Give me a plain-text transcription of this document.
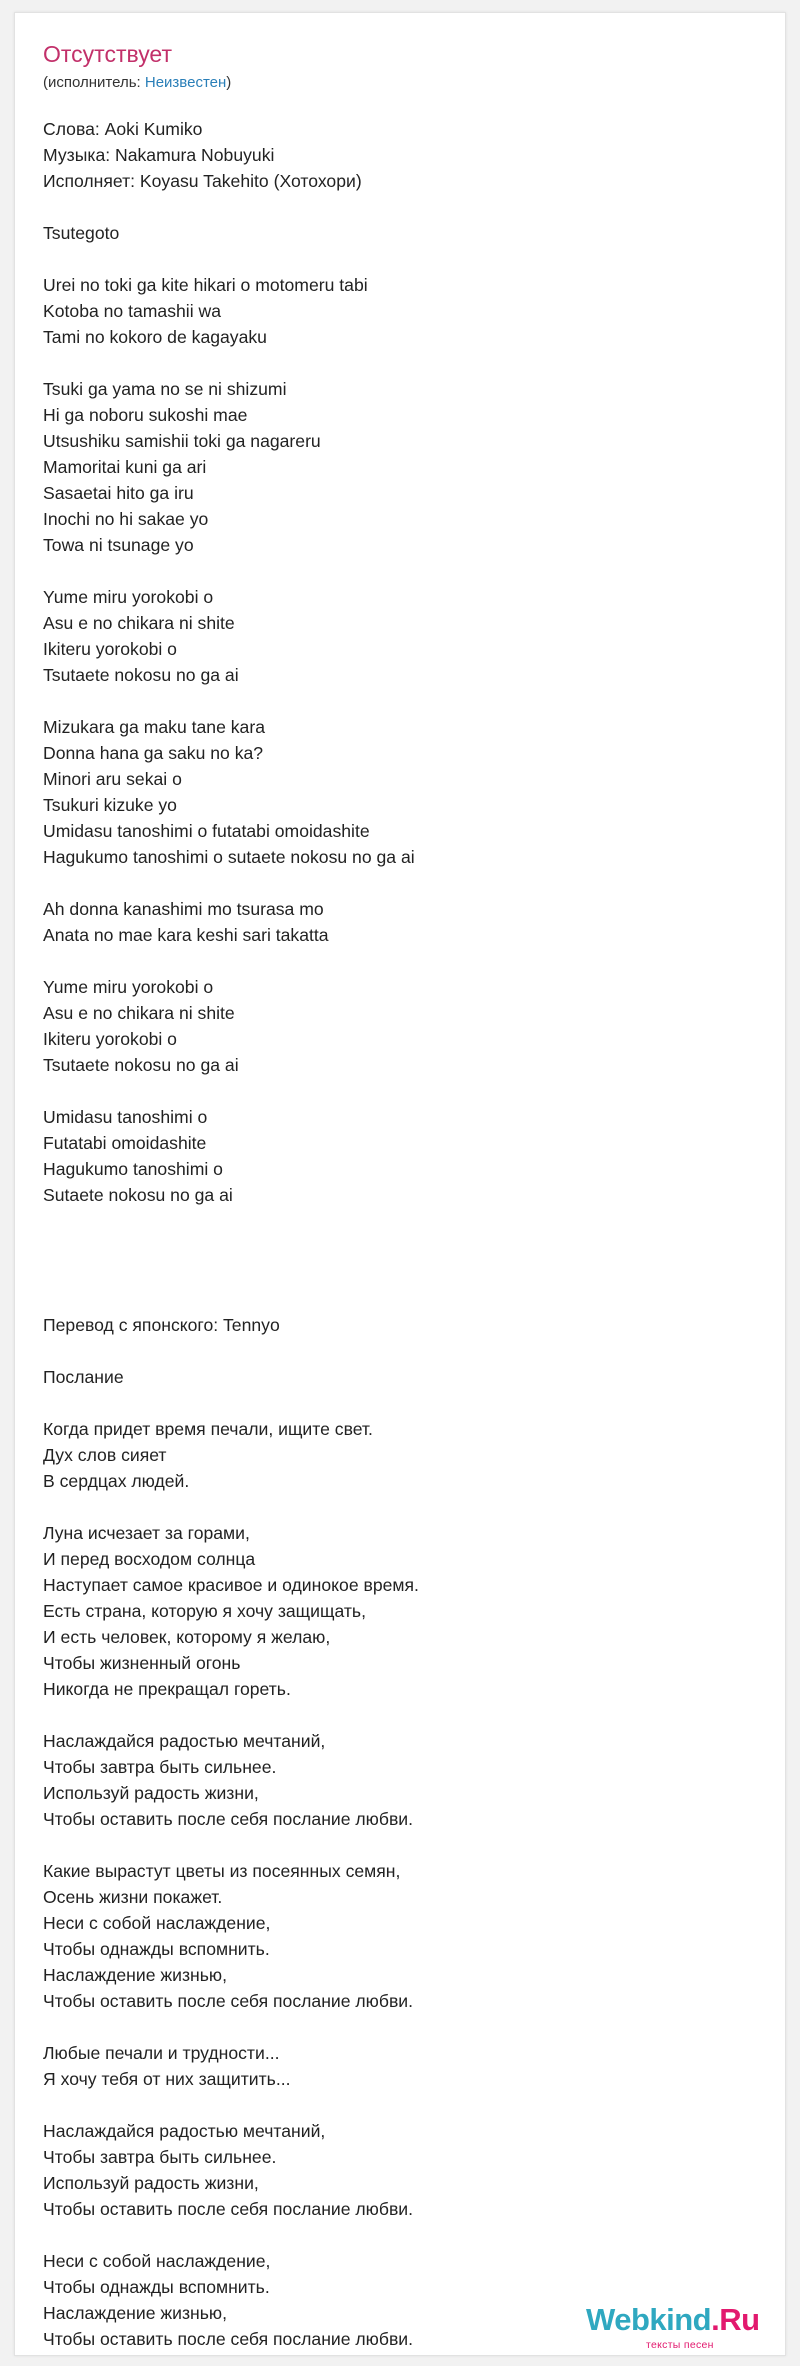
Отсутствует
(исполнитель: Неизвестен)
Слова: Aoki Kumiko
Музыка: Nakamura Nobuyuki
Исполняет: Koyasu Takehito (Хотохори)
Tsutegoto
Urei no toki ga kite hikari o motomeru tabi
Kotoba no tamashii wa
Tami no kokoro de kagayaku
Tsuki ga yama no se ni shizumi
Hi ga noboru sukoshi mae
Utsushiku samishii toki ga nagareru
Mamoritai kuni ga ari
Sasaetai hito ga iru
Inochi no hi sakae yo
Towa ni tsunage yo
Yume miru yorokobi o
Asu e no chikara ni shite
Ikiteru yorokobi o
Tsutaete nokosu no ga ai
Mizukara ga maku tane kara
Donna hana ga saku no ka?
Minori aru sekai o
Tsukuri kizuke yo
Umidasu tanoshimi o futatabi omoidashite
Hagukumo tanoshimi o sutaete nokosu no ga ai
Ah donna kanashimi mo tsurasa mo
Anata no mae kara keshi sari takatta
Yume miru yorokobi o
Asu e no chikara ni shite
Ikiteru yorokobi o
Tsutaete nokosu no ga ai
Umidasu tanoshimi o
Futatabi omoidashite
Hagukumo tanoshimi o
Sutaete nokosu no ga ai
Перевод с японского: Tennyo
Послание
Когда придет время печали, ищите свет.
Дух слов сияет
В сердцах людей.
Луна исчезает за горами,
И перед восходом солнца
Наступает самое красивое и одинокое время.
Есть страна, которую я хочу защищать,
И есть человек, которому я желаю,
Чтобы жизненный огонь
Никогда не прекращал гореть.
Наслаждайся радостью мечтаний,
Чтобы завтра быть сильнее.
Используй радость жизни,
Чтобы оставить после себя послание любви.
Какие вырастут цветы из посеянных семян,
Осень жизни покажет.
Неси с собой наслаждение,
Чтобы однажды вспомнить.
Наслаждение жизнью,
Чтобы оставить после себя послание любви.
Любые печали и трудности...
Я хочу тебя от них защитить...
Наслаждайся радостью мечтаний,
Чтобы завтра быть сильнее.
Используй радость жизни,
Чтобы оставить после себя послание любви.
Неси с собой наслаждение,
Чтобы однажды вспомнить.
Наслаждение жизнью,
Чтобы оставить после себя послание любви.
Webkind.Ru
тексты песен
